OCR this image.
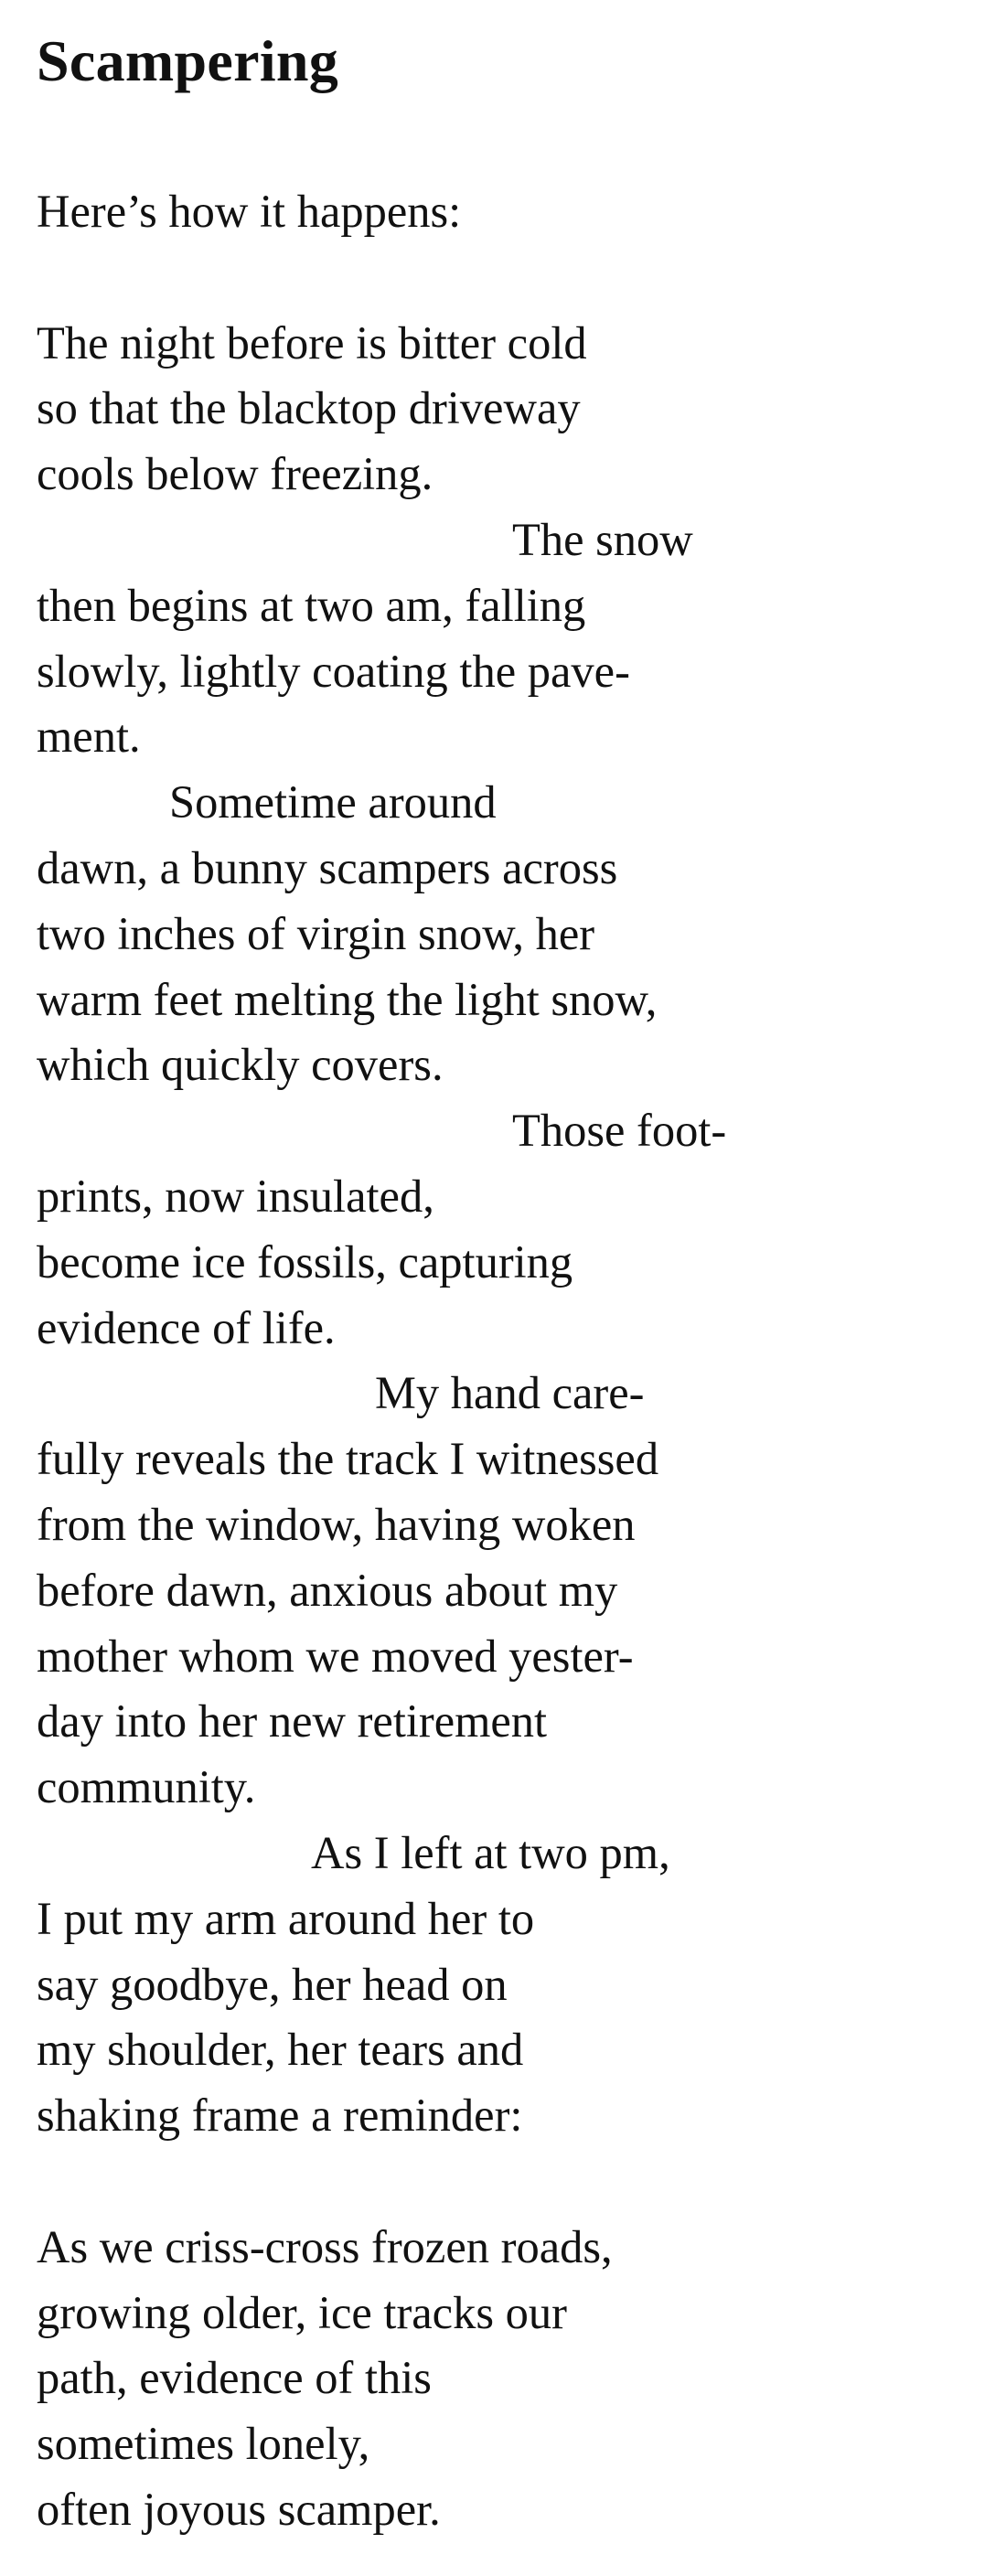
Scampering
Here’s how it happens:
The night before is bitter cold
so that the blacktop driveway
cools below freezing.
The snow
then begins at two am, falling
slowly, lightly coating the pave-
ment.
Sometime around
dawn, a bunny scampers across
two inches of virgin snow, her
warm feet melting the light snow,
which quickly covers.
Those foot-
prints, now insulated,
become ice fossils, capturing
evidence of life.
My hand care-
fully reveals the track I witnessed
from the window, having woken
before dawn, anxious about my
mother whom we moved yester-
day into her new retirement
community.
As I left at two pm,
I put my arm around her to
say goodbye, her head on
my shoulder, her tears and
shaking frame a reminder:
As we criss-cross frozen roads,
growing older, ice tracks our
path, evidence of this
sometimes lonely,
often joyous scamper.
